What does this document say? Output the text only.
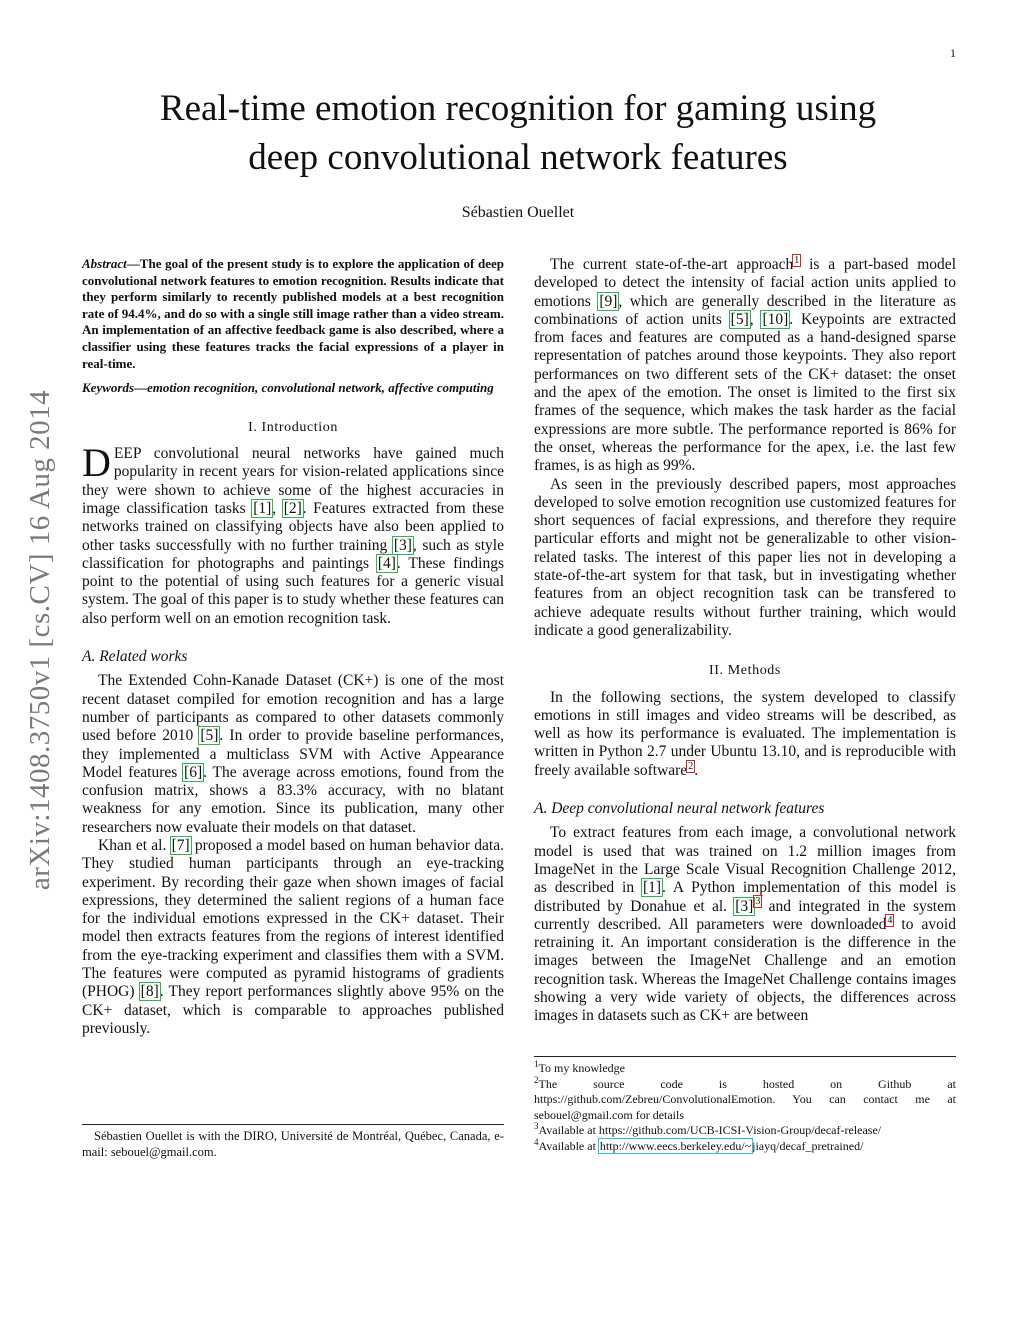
1
arXiv:1408.3750v1 [cs.CV] 16 Aug 2014
Real-time emotion recognition for gaming using
deep convolutional network features
Sébastien Ouellet
Abstract—The goal of the present study is to explore the application of deep convolutional network features to emotion recognition. Results indicate that they perform similarly to recently published models at a best recognition rate of 94.4%, and do so with a single still image rather than a video stream. An implementation of an affective feedback game is also described, where a classifier using these features tracks the facial expressions of a player in real-time.
Keywords—emotion recognition, convolutional network, affective computing
I. Introduction

DEEP convolutional neural networks have gained much popularity in recent years for vision-related applications since they were shown to achieve some of the highest accuracies in image classification tasks [1], [2]. Features extracted from these networks trained on classifying objects have also been applied to other tasks successfully with no further training [3], such as style classification for photographs and paintings [4]. These findings point to the potential of using such features for a generic visual system. The goal of this paper is to study whether these features can also perform well on an emotion recognition task.

A. Related works

The Extended Cohn-Kanade Dataset (CK+) is one of the most recent dataset compiled for emotion recognition and has a large number of participants as compared to other datasets commonly used before 2010 [5]. In order to provide baseline performances, they implemented a multiclass SVM with Active Appearance Model features [6]. The average across emotions, found from the confusion matrix, shows a 83.3% accuracy, with no blatant weakness for any emotion. Since its publication, many other researchers now evaluate their models on that dataset.

Khan et al. [7] proposed a model based on human behavior data. They studied human participants through an eye-tracking experiment. By recording their gaze when shown images of facial expressions, they determined the salient regions of a human face for the individual emotions expressed in the CK+ dataset. Their model then extracts features from the regions of interest identified from the eye-tracking experiment and classifies them with a SVM. The features were computed as pyramid histograms of gradients (PHOG) [8]. They report performances slightly above 95% on the CK+ dataset, which is comparable to approaches published previously.

Sébastien Ouellet is with the DIRO, Université de Montréal, Québec, Canada, e-mail: sebouel@gmail.com.

The current state-of-the-art approach$^1$ is a part-based model developed to detect the intensity of facial action units applied to emotions [9], which are generally described in the literature as combinations of action units [5], [10]. Keypoints are extracted from faces and features are computed as a hand-designed sparse representation of patches around those keypoints. They also report performances on two different sets of the CK+ dataset: the onset and the apex of the emotion. The onset is limited to the first six frames of the sequence, which makes the task harder as the facial expressions are more subtle. The performance reported is 86% for the onset, whereas the performance for the apex, i.e. the last few frames, is as high as 99%.

As seen in the previously described papers, most approaches developed to solve emotion recognition use customized features for short sequences of facial expressions, and therefore they require particular efforts and might not be generalizable to other vision-related tasks. The interest of this paper lies not in developing a state-of-the-art system for that task, but in investigating whether features from an object recognition task can be transfered to achieve adequate results without further training, which would indicate a good generalizability.

II. Methods

In the following sections, the system developed to classify emotions in still images and video streams will be described, as well as how its performance is evaluated. The implementation is written in Python 2.7 under Ubuntu 13.10, and is reproducible with freely available software$^2$.

A. Deep convolutional neural network features

To extract features from each image, a convolutional network model is used that was trained on 1.2 million images from ImageNet in the Large Scale Visual Recognition Challenge 2012, as described in [1]. A Python implementation of this model is distributed by Donahue et al. [3] $^3$ and integrated in the system currently described. All parameters were downloaded$^4$ to avoid retraining it. An important consideration is the difference in the images between the ImageNet Challenge and an emotion recognition task. Whereas the ImageNet Challenge contains images showing a very wide variety of objects, the differences across images in datasets such as CK+ are between

$^1$To my knowledge
$^2$The source code is hosted on Github at https://github.com/Zebreu/ConvolutionalEmotion. You can contact me at sebouel@gmail.com for details
$^3$Available at https://github.com/UCB-ICSI-Vision-Group/decaf-release/
$^4$Available at http://www.eecs.berkeley.edu/~jiayq/decaf_pretrained/
